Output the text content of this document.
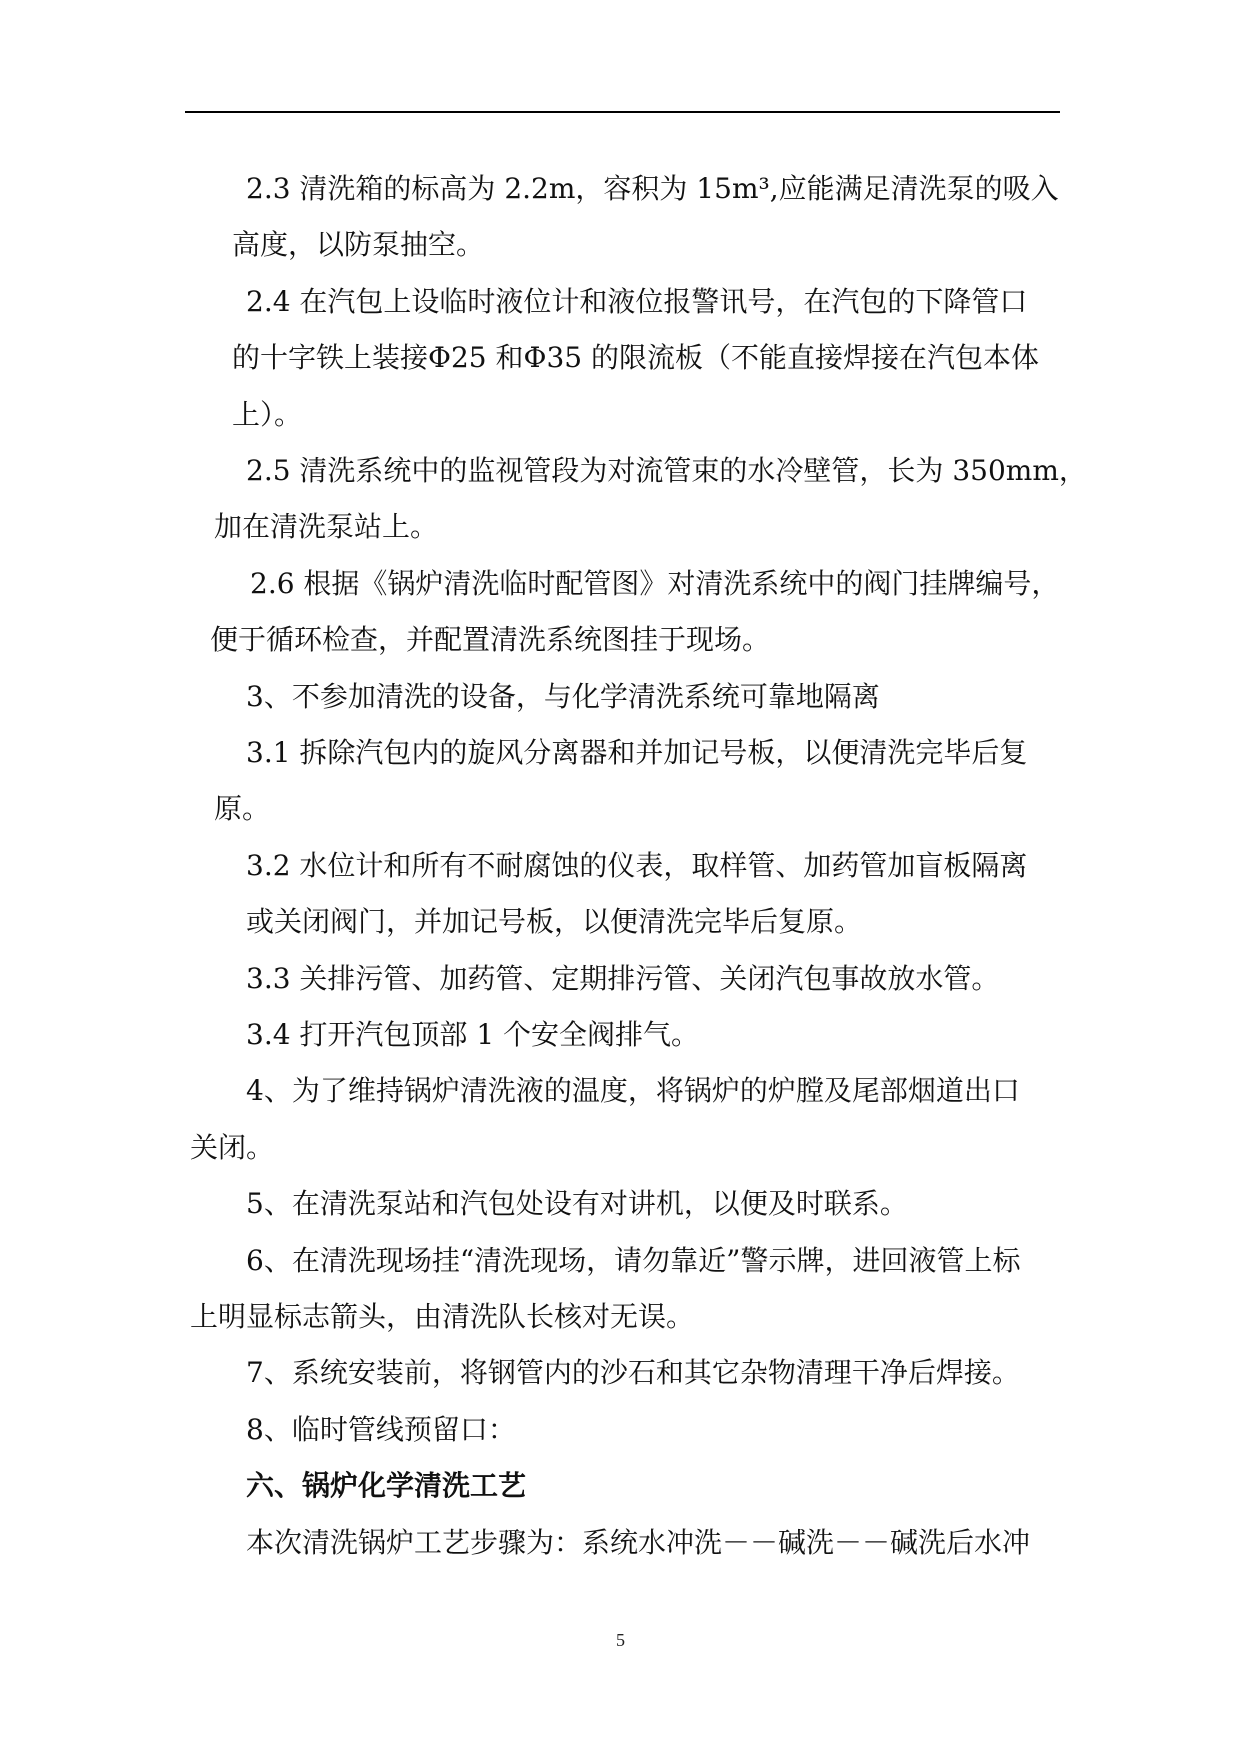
2.3 清洗箱的标高为 2.2m，容积为 15m³,应能满足清洗泵的吸入
高度，以防泵抽空。
2.4 在汽包上设临时液位计和液位报警讯号，在汽包的下降管口
的十字铁上装接Φ25 和Φ35 的限流板（不能直接焊接在汽包本体
上）。
2.5 清洗系统中的监视管段为对流管束的水冷壁管，长为 350mm，
加在清洗泵站上。
2.6 根据《锅炉清洗临时配管图》对清洗系统中的阀门挂牌编号，
便于循环检查，并配置清洗系统图挂于现场。
3、不参加清洗的设备，与化学清洗系统可靠地隔离
3.1 拆除汽包内的旋风分离器和并加记号板，以便清洗完毕后复
原。
3.2 水位计和所有不耐腐蚀的仪表，取样管、加药管加盲板隔离
或关闭阀门，并加记号板，以便清洗完毕后复原。
3.3 关排污管、加药管、定期排污管、关闭汽包事故放水管。
3.4 打开汽包顶部 1 个安全阀排气。
4、为了维持锅炉清洗液的温度，将锅炉的炉膛及尾部烟道出口
关闭。
5、在清洗泵站和汽包处设有对讲机，以便及时联系。
6、在清洗现场挂“清洗现场，请勿靠近”警示牌，进回液管上标
上明显标志箭头，由清洗队长核对无误。
7、系统安装前，将钢管内的沙石和其它杂物清理干净后焊接。
8、临时管线预留口：
六、锅炉化学清洗工艺
本次清洗锅炉工艺步骤为：系统水冲洗－－碱洗－－碱洗后水冲
5
